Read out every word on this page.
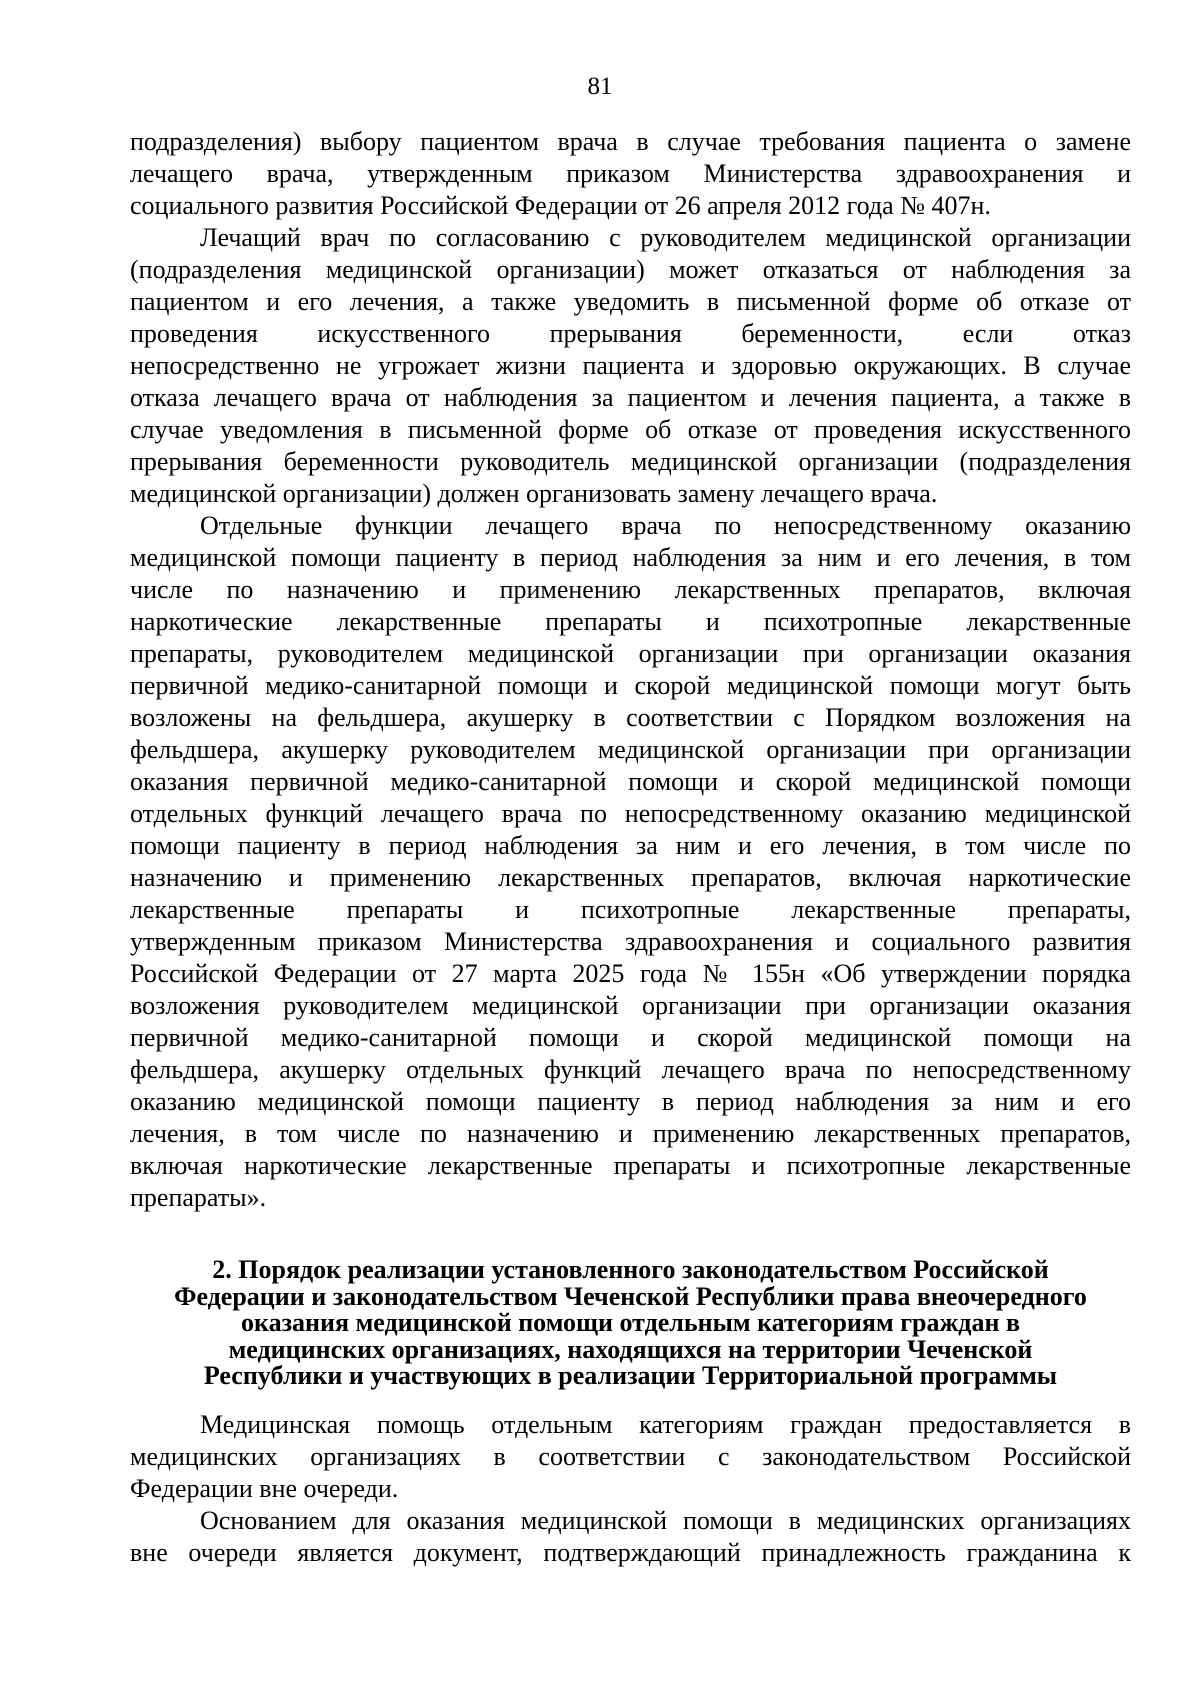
81
подразделения) выбору пациентом врача в случае требования пациента о замене
лечащего врача, утвержденным приказом Министерства здравоохранения и
социального развития Российской Федерации от 26 апреля 2012 года № 407н.
Лечащий врач по согласованию с руководителем медицинской организации
(подразделения медицинской организации) может отказаться от наблюдения за
пациентом и его лечения, а также уведомить в письменной форме об отказе от
проведения искусственного прерывания беременности, если отказ
непосредственно не угрожает жизни пациента и здоровью окружающих. В случае
отказа лечащего врача от наблюдения за пациентом и лечения пациента, а также в
случае уведомления в письменной форме об отказе от проведения искусственного
прерывания беременности руководитель медицинской организации (подразделения
медицинской организации) должен организовать замену лечащего врача.
Отдельные функции лечащего врача по непосредственному оказанию
медицинской помощи пациенту в период наблюдения за ним и его лечения, в том
числе по назначению и применению лекарственных препаратов, включая
наркотические лекарственные препараты и психотропные лекарственные
препараты, руководителем медицинской организации при организации оказания
первичной медико-санитарной помощи и скорой медицинской помощи могут быть
возложены на фельдшера, акушерку в соответствии с Порядком возложения на
фельдшера, акушерку руководителем медицинской организации при организации
оказания первичной медико-санитарной помощи и скорой медицинской помощи
отдельных функций лечащего врача по непосредственному оказанию медицинской
помощи пациенту в период наблюдения за ним и его лечения, в том числе по
назначению и применению лекарственных препаратов, включая наркотические
лекарственные препараты и психотропные лекарственные препараты,
утвержденным приказом Министерства здравоохранения и социального развития
Российской Федерации от 27 марта 2025 года № 155н «Об утверждении порядка
возложения руководителем медицинской организации при организации оказания
первичной медико-санитарной помощи и скорой медицинской помощи на
фельдшера, акушерку отдельных функций лечащего врача по непосредственному
оказанию медицинской помощи пациенту в период наблюдения за ним и его
лечения, в том числе по назначению и применению лекарственных препаратов,
включая наркотические лекарственные препараты и психотропные лекарственные
препараты».
2. Порядок реализации установленного законодательством Российской
Федерации и законодательством Чеченской Республики права внеочередного
оказания медицинской помощи отдельным категориям граждан в
медицинских организациях, находящихся на территории Чеченской
Республики и участвующих в реализации Территориальной программы
Медицинская помощь отдельным категориям граждан предоставляется в
медицинских организациях в соответствии с законодательством Российской
Федерации вне очереди.
Основанием для оказания медицинской помощи в медицинских организациях
вне очереди является документ, подтверждающий принадлежность гражданина к
